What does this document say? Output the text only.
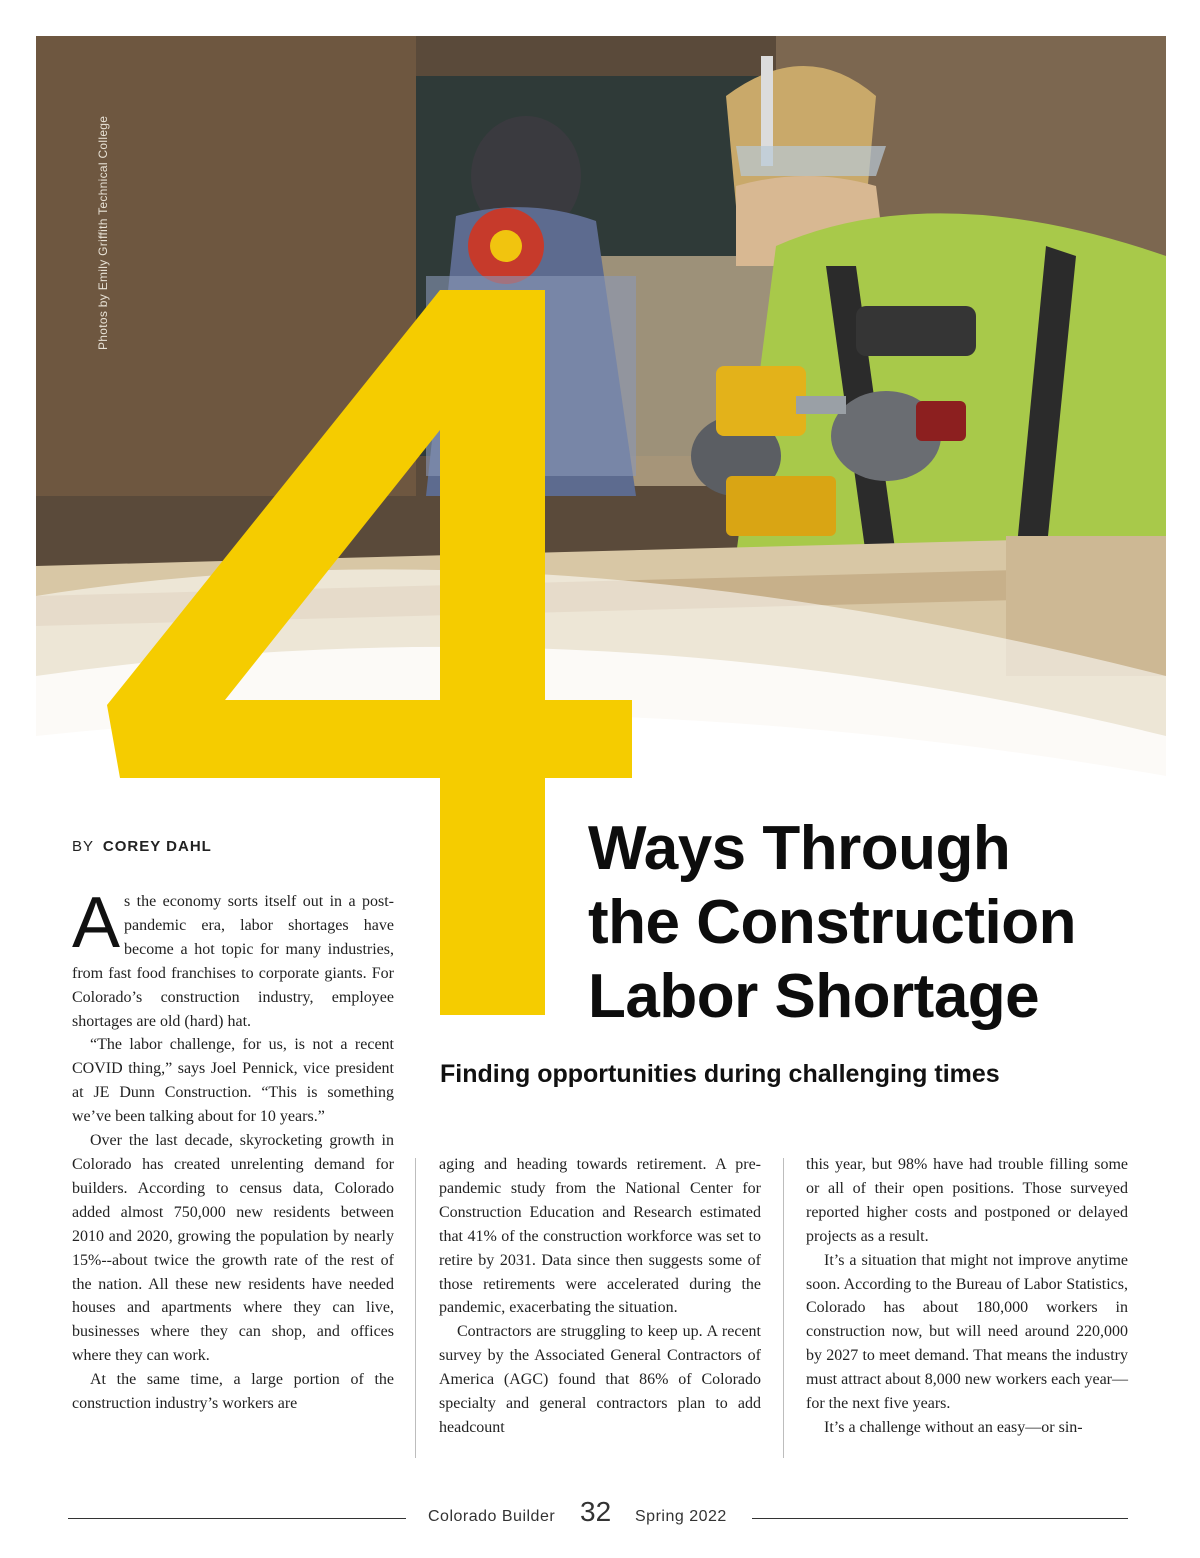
Photos by Emily Griffith Technical College
BY COREY DAHL	Ways Through
the Construction
Labor Shortage
Finding opportunities during challenging times

As the economy sorts itself out in a post-pandemic era, labor shortages have become a hot topic for many industries, from fast food franchises to corporate giants. For Colorado’s construction industry, employee shortages are old (hard) hat.

“The labor challenge, for us, is not a recent COVID thing,” says Joel Pennick, vice president at JE Dunn Construction. “This is something we’ve been talking about for 10 years.”

Over the last decade, skyrocketing growth in Colorado has created unrelenting demand for builders. According to census data, Colorado added almost 750,000 new residents between 2010 and 2020, growing the population by nearly 15%--about twice the growth rate of the rest of the nation. All these new residents have needed houses and apartments where they can live, businesses where they can shop, and offices where they can work.

At the same time, a large portion of the construction industry’s workers are

aging and heading towards retirement. A pre-pandemic study from the National Center for Construction Education and Research estimated that 41% of the construction workforce was set to retire by 2031. Data since then suggests some of those retirements were accelerated during the pandemic, exacerbating the situation.

Contractors are struggling to keep up. A recent survey by the Associated General Contractors of America (AGC) found that 86% of Colorado specialty and general contractors plan to add headcount

this year, but 98% have had trouble filling some or all of their open positions. Those surveyed reported higher costs and postponed or delayed projects as a result.

It’s a situation that might not improve anytime soon. According to the Bureau of Labor Statistics, Colorado has about 180,000 workers in construction now, but will need around 220,000 by 2027 to meet demand. That means the industry must attract about 8,000 new workers each year—for the next five years.

It’s a challenge without an easy—or sin-

Colorado Builder 32 Spring 2022
